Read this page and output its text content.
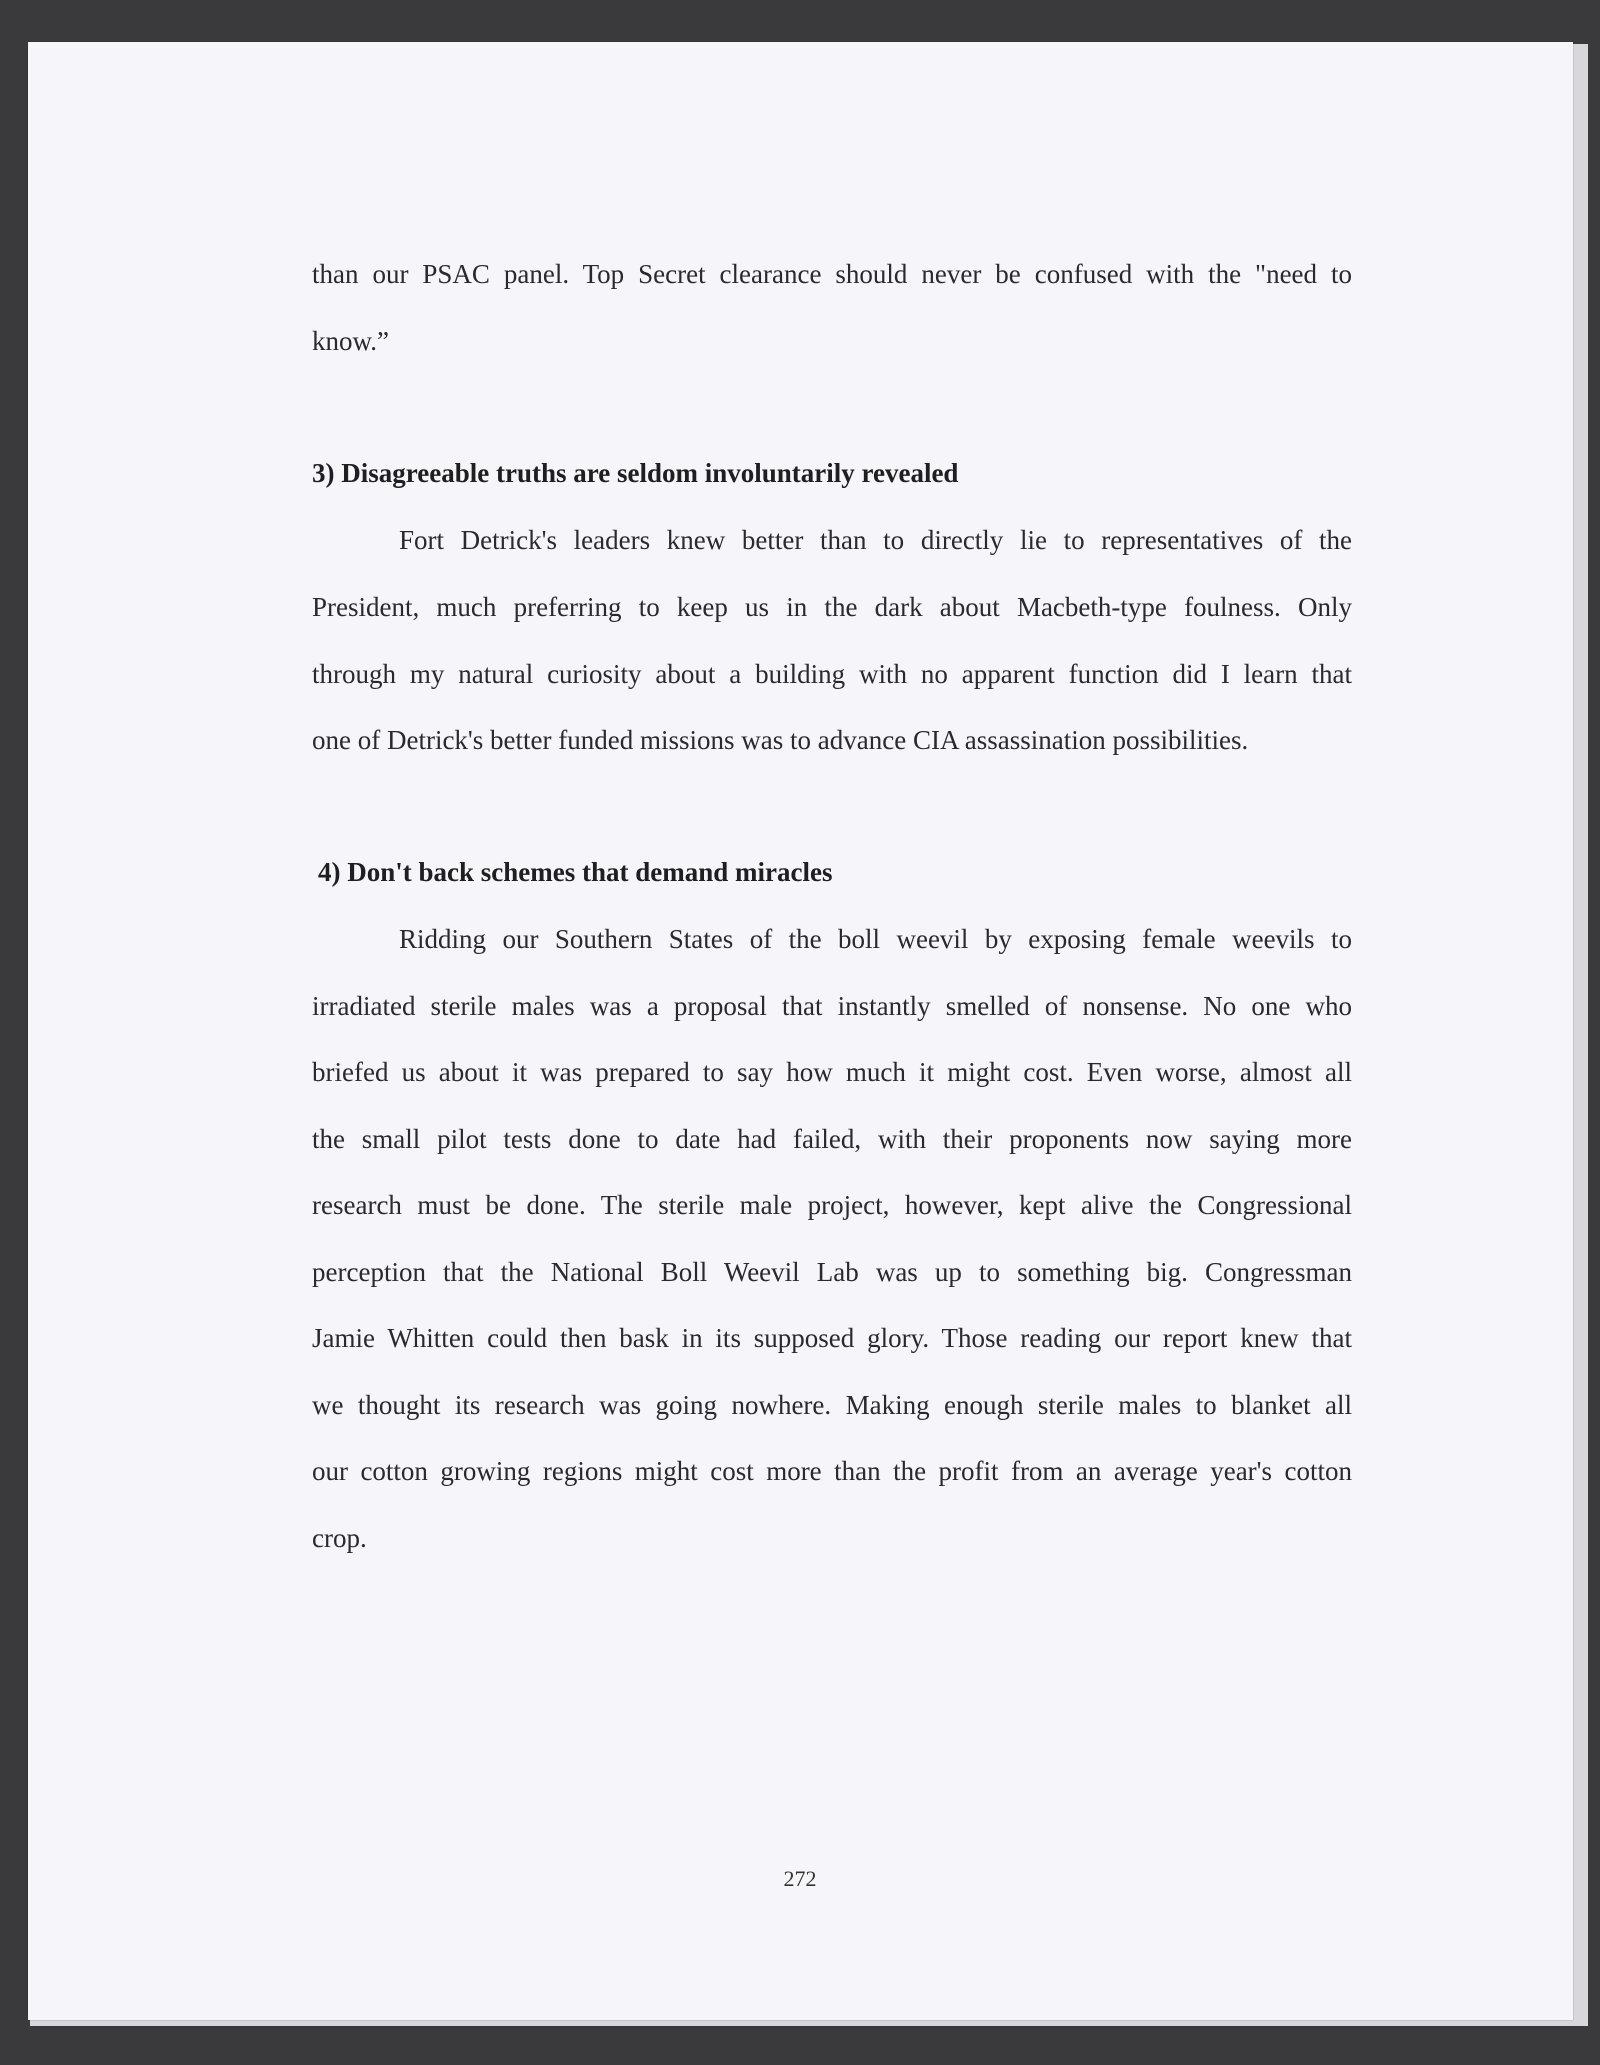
than our PSAC panel. Top Secret clearance should never be confused with the "need to
know.”
3) Disagreeable truths are seldom involuntarily revealed
Fort Detrick's leaders knew better than to directly lie to representatives of the
President, much preferring to keep us in the dark about Macbeth-type foulness. Only
through my natural curiosity about a building with no apparent function did I learn that
one of Detrick's better funded missions was to advance CIA assassination possibilities.
4) Don't back schemes that demand miracles
Ridding our Southern States of the boll weevil by exposing female weevils to
irradiated sterile males was a proposal that instantly smelled of nonsense. No one who
briefed us about it was prepared to say how much it might cost. Even worse, almost all
the small pilot tests done to date had failed, with their proponents now saying more
research must be done. The sterile male project, however, kept alive the Congressional
perception that the National Boll Weevil Lab was up to something big. Congressman
Jamie Whitten could then bask in its supposed glory. Those reading our report knew that
we thought its research was going nowhere. Making enough sterile males to blanket all
our cotton growing regions might cost more than the profit from an average year's cotton
crop.
272
